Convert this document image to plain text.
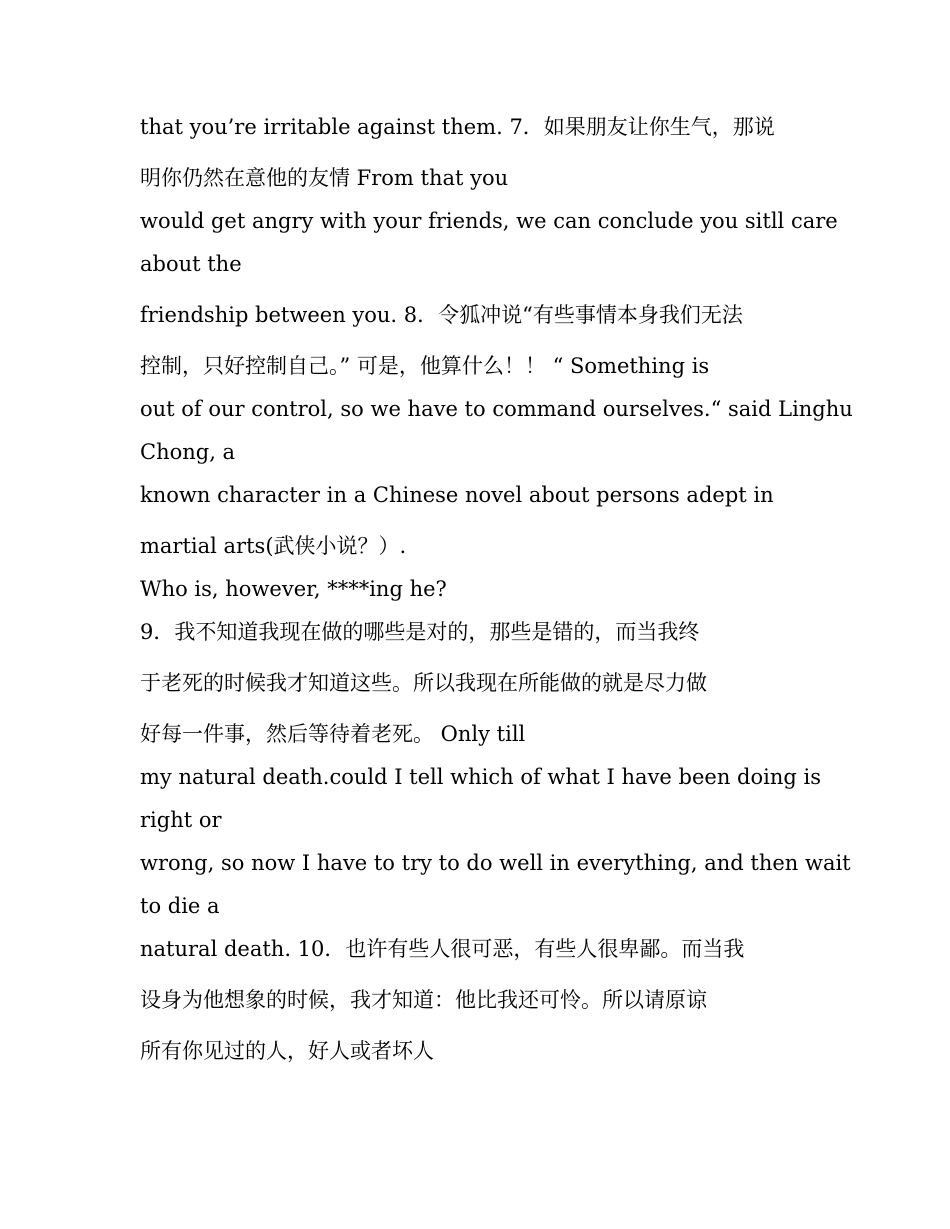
that you’re irritable against them. 7．如果朋友让你生气，那说
明你仍然在意他的友情 From that you
would get angry with your friends, we can conclude you sitll care
about the
friendship between you. 8．令狐冲说“有些事情本身我们无法
控制，只好控制自己。” 可是，他算什么！！ “ Something is
out of our control, so we have to command ourselves.“ said Linghu
Chong, a
known character in a Chinese novel about persons adept in
martial arts(武侠小说？）.
Who is, however, ****ing he?
9．我不知道我现在做的哪些是对的，那些是错的，而当我终
于老死的时候我才知道这些。所以我现在所能做的就是尽力做
好每一件事，然后等待着老死。 Only till
my natural death.could I tell which of what I have been doing is
right or
wrong, so now I have to try to do well in everything, and then wait
to die a
natural death. 10．也许有些人很可恶，有些人很卑鄙。而当我
设身为他想象的时候，我才知道：他比我还可怜。所以请原谅
所有你见过的人，好人或者坏人
